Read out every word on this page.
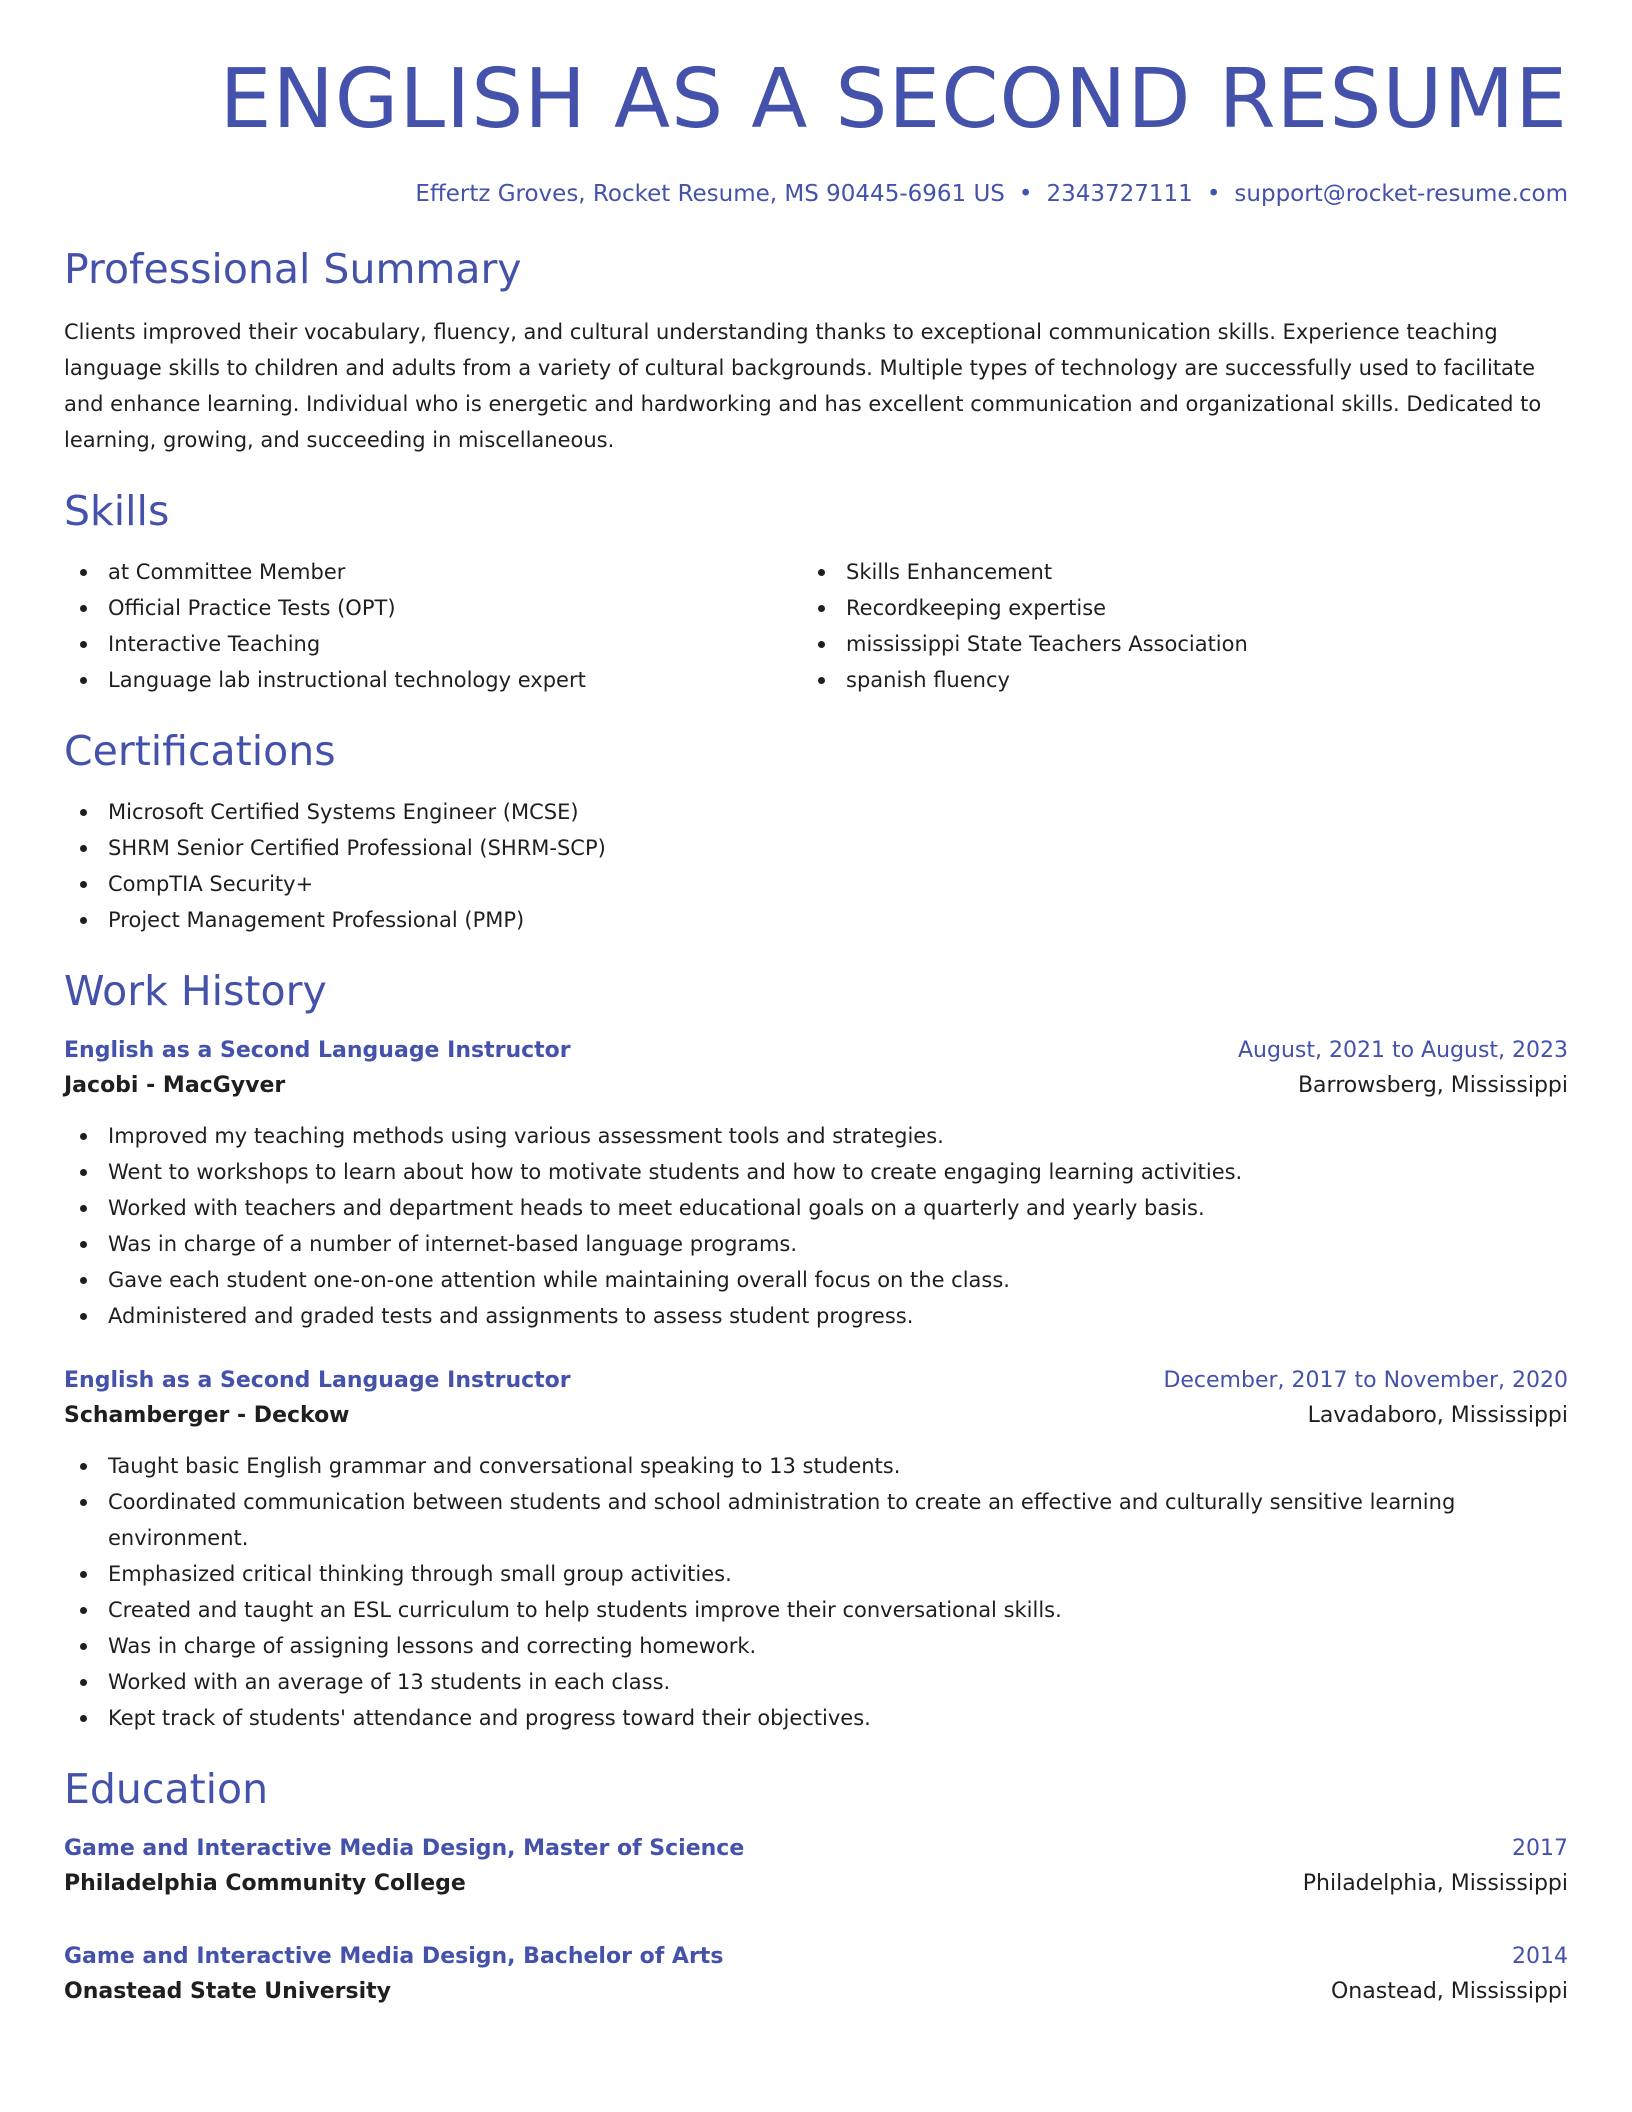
ENGLISH AS A SECOND RESUME
Effertz Groves, Rocket Resume, MS 90445-6961 US • 2343727111 • support@rocket-resume.com
Professional Summary

Clients improved their vocabulary, fluency, and cultural understanding thanks to exceptional communication skills. Experience teaching language skills to children and adults from a variety of cultural backgrounds. Multiple types of technology are successfully used to facilitate and enhance learning. Individual who is energetic and hardworking and has excellent communication and organizational skills. Dedicated to learning, growing, and succeeding in miscellaneous.

Skills
at Committee Member
Official Practice Tests (OPT)
Interactive Teaching
Language lab instructional technology expert
Skills Enhancement
Recordkeeping expertise
mississippi State Teachers Association
spanish fluency
Certifications
Microsoft Certified Systems Engineer (MCSE)
SHRM Senior Certified Professional (SHRM-SCP)
CompTIA Security+
Project Management Professional (PMP)
Work History
English as a Second Language Instructor	August, 2021 to August, 2023
Jacobi - MacGyver	Barrowsberg, Mississippi
Improved my teaching methods using various assessment tools and strategies.
Went to workshops to learn about how to motivate students and how to create engaging learning activities.
Worked with teachers and department heads to meet educational goals on a quarterly and yearly basis.
Was in charge of a number of internet-based language programs.
Gave each student one-on-one attention while maintaining overall focus on the class.
Administered and graded tests and assignments to assess student progress.
English as a Second Language Instructor	December, 2017 to November, 2020
Schamberger - Deckow	Lavadaboro, Mississippi
Taught basic English grammar and conversational speaking to 13 students.
Coordinated communication between students and school administration to create an effective and culturally sensitive learning environment.
Emphasized critical thinking through small group activities.
Created and taught an ESL curriculum to help students improve their conversational skills.
Was in charge of assigning lessons and correcting homework.
Worked with an average of 13 students in each class.
Kept track of students' attendance and progress toward their objectives.
Education
Game and Interactive Media Design, Master of Science	2017
Philadelphia Community College	Philadelphia, Mississippi
Game and Interactive Media Design, Bachelor of Arts	2014
Onastead State University	Onastead, Mississippi
